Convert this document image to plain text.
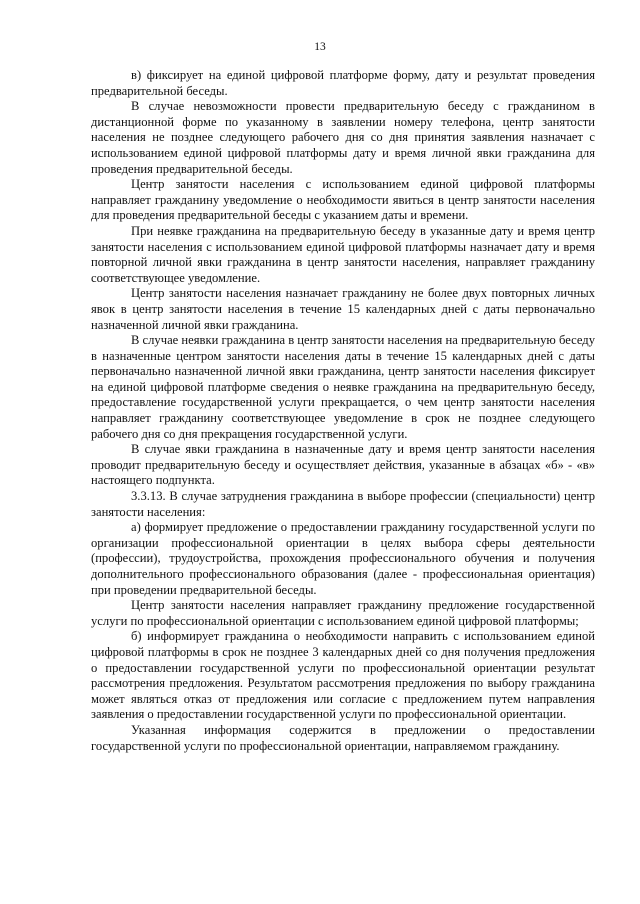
13

в) фиксирует на единой цифровой платформе форму, дату и результат проведения предварительной беседы.

В случае невозможности провести предварительную беседу с гражданином в дистанционной форме по указанному в заявлении номеру телефона, центр занятости населения не позднее следующего рабочего дня со дня принятия заявления назначает с использованием единой цифровой платформы дату и время личной явки гражданина для проведения предварительной беседы.

Центр занятости населения с использованием единой цифровой платформы направляет гражданину уведомление о необходимости явиться в центр занятости населения для проведения предварительной беседы с указанием даты и времени.

При неявке гражданина на предварительную беседу в указанные дату и время центр занятости населения с использованием единой цифровой платформы назначает дату и время повторной личной явки гражданина в центр занятости населения, направляет гражданину соответствующее уведомление.

Центр занятости населения назначает гражданину не более двух повторных личных явок в центр занятости населения в течение 15 календарных дней с даты первоначально назначенной личной явки гражданина.

В случае неявки гражданина в центр занятости населения на предварительную беседу в назначенные центром занятости населения даты в течение 15 календарных дней с даты первоначально назначенной личной явки гражданина, центр занятости населения фиксирует на единой цифровой платформе сведения о неявке гражданина на предварительную беседу, предоставление государственной услуги прекращается, о чем центр занятости населения направляет гражданину соответствующее уведомление в срок не позднее следующего рабочего дня со дня прекращения государственной услуги.

В случае явки гражданина в назначенные дату и время центр занятости населения проводит предварительную беседу и осуществляет действия, указанные в абзацах «б» - «в» настоящего подпункта.

3.3.13. В случае затруднения гражданина в выборе профессии (специальности) центр занятости населения:

а) формирует предложение о предоставлении гражданину государственной услуги по организации профессиональной ориентации в целях выбора сферы деятельности (профессии), трудоустройства, прохождения профессионального обучения и получения дополнительного профессионального образования (далее - профессиональная ориентация) при проведении предварительной беседы.

Центр занятости населения направляет гражданину предложение государственной услуги по профессиональной ориентации с использованием единой цифровой платформы;

б) информирует гражданина о необходимости направить с использованием единой цифровой платформы в срок не позднее 3 календарных дней со дня получения предложения о предоставлении государственной услуги по профессиональной ориентации результат рассмотрения предложения. Результатом рассмотрения предложения по выбору гражданина может являться отказ от предложения или согласие с предложением путем направления заявления о предоставлении государственной услуги по профессиональной ориентации.

Указанная информация содержится в предложении о предоставлении государственной услуги по профессиональной ориентации, направляемом гражданину.
